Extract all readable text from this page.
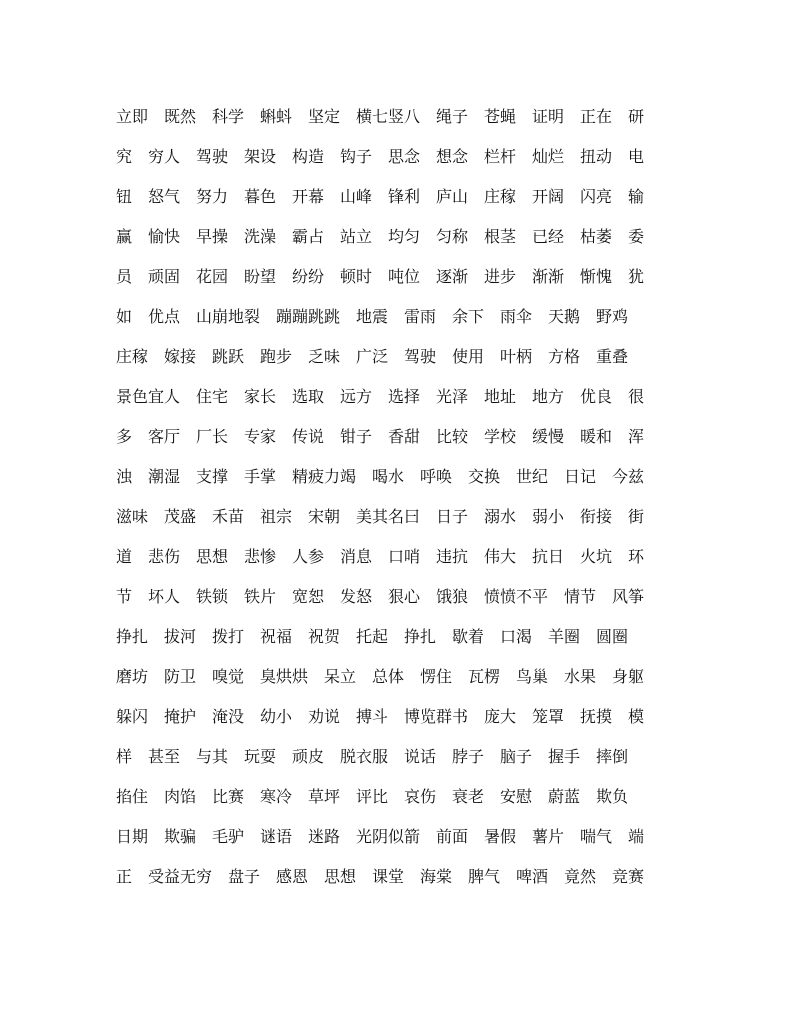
立即　既然　科学　蝌蚪　坚定　横七竖八　绳子　苍蝇　证明　正在　研
究　穷人　驾驶　架设　构造　钩子　思念　想念　栏杆　灿烂　扭动　电
钮　怒气　努力　暮色　开幕　山峰　锋利　庐山　庄稼　开阔　闪亮　输
赢　愉快　早操　洗澡　霸占　站立　均匀　匀称　根茎　已经　枯萎　委
员　顽固　花园　盼望　纷纷　顿时　吨位　逐渐　进步　渐渐　惭愧　犹
如　优点　山崩地裂　蹦蹦跳跳　地震　雷雨　余下　雨伞　天鹅　野鸡
庄稼　嫁接　跳跃　跑步　乏味　广泛　驾驶　使用　叶柄　方格　重叠
景色宜人　住宅　家长　选取　远方　选择　光泽　地址　地方　优良　很
多　客厅　厂长　专家　传说　钳子　香甜　比较　学校　缓慢　暖和　浑
浊　潮湿　支撑　手掌　精疲力竭　喝水　呼唤　交换　世纪　日记　今兹
滋味　茂盛　禾苗　祖宗　宋朝　美其名曰　日子　溺水　弱小　衔接　街
道　悲伤　思想　悲惨　人参　消息　口哨　违抗　伟大　抗日　火坑　环
节　坏人　铁锁　铁片　宽恕　发怒　狠心　饿狼　愤愤不平　情节　风筝
挣扎　拔河　拨打　祝福　祝贺　托起　挣扎　歇着　口渴　羊圈　圆圈
磨坊　防卫　嗅觉　臭烘烘　呆立　总体　愣住　瓦楞　鸟巢　水果　身躯
躲闪　掩护　淹没　幼小　劝说　搏斗　博览群书　庞大　笼罩　抚摸　模
样　甚至　与其　玩耍　顽皮　脱衣服　说话　脖子　脑子　握手　摔倒
掐住　肉馅　比赛　寒冷　草坪　评比　哀伤　衰老　安慰　蔚蓝　欺负
日期　欺骗　毛驴　谜语　迷路　光阴似箭　前面　暑假　薯片　喘气　端
正　受益无穷　盘子　感恩　思想　课堂　海棠　脾气　啤酒　竟然　竞赛
